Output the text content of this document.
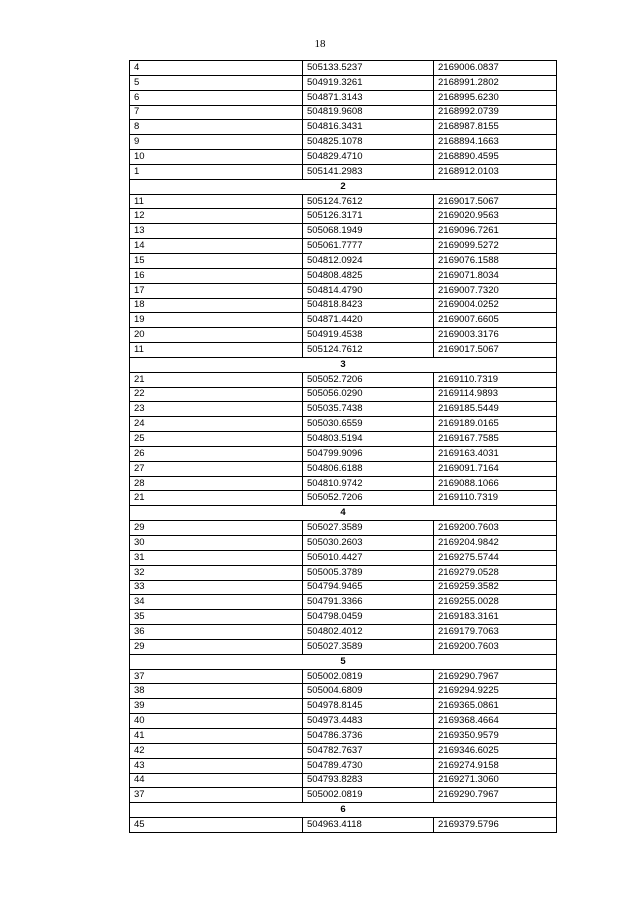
18
4	505133.5237	2169006.0837
5	504919.3261	2168991.2802
6	504871.3143	2168995.6230
7	504819.9608	2168992.0739
8	504816.3431	2168987.8155
9	504825.1078	2168894.1663
10	504829.4710	2168890.4595
1	505141.2983	2168912.0103
2		
11	505124.7612	2169017.5067
12	505126.3171	2169020.9563
13	505068.1949	2169096.7261
14	505061.7777	2169099.5272
15	504812.0924	2169076.1588
16	504808.4825	2169071.8034
17	504814.4790	2169007.7320
18	504818.8423	2169004.0252
19	504871.4420	2169007.6605
20	504919.4538	2169003.3176
11	505124.7612	2169017.5067
3		
21	505052.7206	2169110.7319
22	505056.0290	2169114.9893
23	505035.7438	2169185.5449
24	505030.6559	2169189.0165
25	504803.5194	2169167.7585
26	504799.9096	2169163.4031
27	504806.6188	2169091.7164
28	504810.9742	2169088.1066
21	505052.7206	2169110.7319
4		
29	505027.3589	2169200.7603
30	505030.2603	2169204.9842
31	505010.4427	2169275.5744
32	505005.3789	2169279.0528
33	504794.9465	2169259.3582
34	504791.3366	2169255.0028
35	504798.0459	2169183.3161
36	504802.4012	2169179.7063
29	505027.3589	2169200.7603
5		
37	505002.0819	2169290.7967
38	505004.6809	2169294.9225
39	504978.8145	2169365.0861
40	504973.4483	2169368.4664
41	504786.3736	2169350.9579
42	504782.7637	2169346.6025
43	504789.4730	2169274.9158
44	504793.8283	2169271.3060
37	505002.0819	2169290.7967
6		
45	504963.4118	2169379.5796
